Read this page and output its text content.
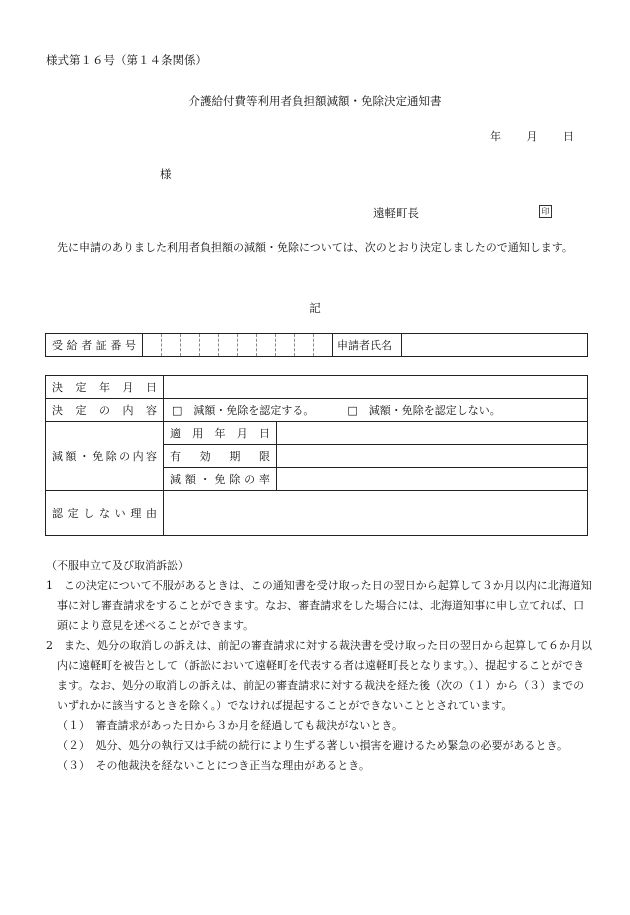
様式第１６号（第１４条関係）
介護給付費等利用者負担額減額・免除決定通知書
年 月 日
様
遠軽町長	印
先に申請のありました利用者負担額の減額・免除については、次のとおり決定しましたので通知します。
記
受給者証番号											申請者氏名	
決定年月日		

決定の内容	□　減額・免除を認定する。 □　減額・免除を認定しない。	

減額・免除の内容	適用年月日	

	有効期限	

	減額・免除の率	

認定しない理由		

（不服申立て及び取消訴訟）

1　この決定について不服があるときは、この通知書を受け取った日の翌日から起算して３か月以内に北海道知事に対し審査請求をすることができます。なお、審査請求をした場合には、北海道知事に申し立てれば、口頭により意見を述べることができます。

2　また、処分の取消しの訴えは、前記の審査請求に対する裁決書を受け取った日の翌日から起算して６か月以内に遠軽町を被告として（訴訟において遠軽町を代表する者は遠軽町長となります。）、提起することができます。なお、処分の取消しの訴えは、前記の審査請求に対する裁決を経た後（次の（１）から（３）までのいずれかに該当するときを除く。）でなければ提起することができないこととされています。

（１）　審査請求があった日から３か月を経過しても裁決がないとき。

（２）　処分、処分の執行又は手続の続行により生ずる著しい損害を避けるため緊急の必要があるとき。

（３）　その他裁決を経ないことにつき正当な理由があるとき。
